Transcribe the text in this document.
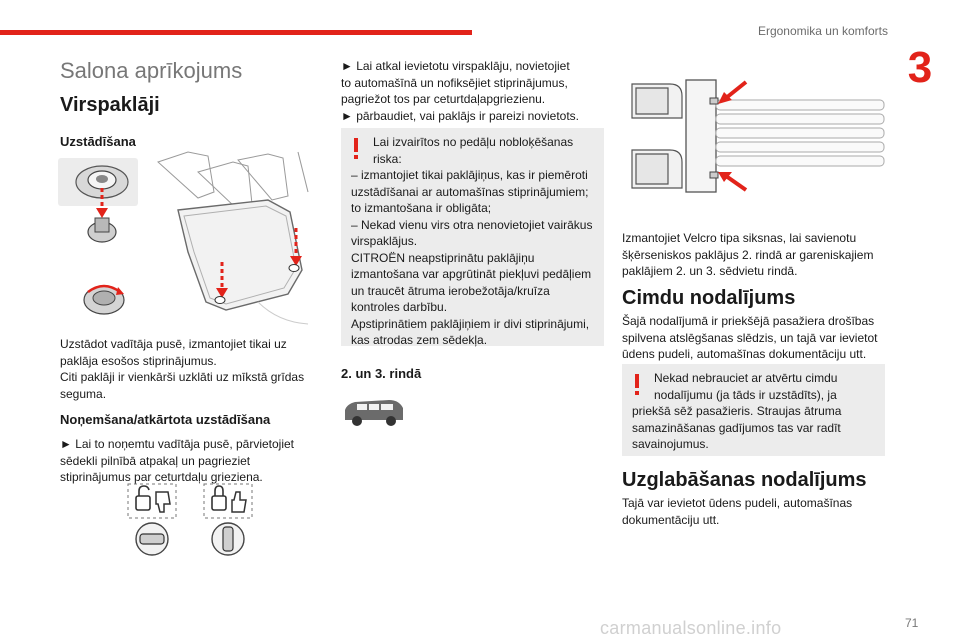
Ergonomika un komforts
3
Salona aprīkojums
Virspaklāji
Uzstādīšana
Uzstādot vadītāja pusē, izmantojiet tikai uz
paklāja esošos stiprinājumus.
Citi paklāji ir vienkārši uzklāti uz mīkstā grīdas
seguma.
Noņemšana/atkārtota uzstādīšana
► Lai to noņemtu vadītāja pusē, pārvietojiet
sēdekli pilnībā atpakaļ un pagrieziet
stiprinājumus par ceturtdaļu grieziena.
► Lai atkal ievietotu virspaklāju, novietojiet
to automašīnā un nofiksējiet stiprinājumus,
pagriežot tos par ceturtdaļapgriezienu.
► pārbaudiet, vai paklājs ir pareizi novietots.
Lai izvairītos no pedāļu nobloķēšanas
riska:
– izmantojiet tikai paklājiņus, kas ir piemēroti
uzstādīšanai ar automašīnas stiprinājumiem;
to izmantošana ir obligāta;
– Nekad vienu virs otra nenovietojiet vairākus
virspaklājus.
CITROËN neapstiprinātu paklājiņu
izmantošana var apgrūtināt piekļuvi pedāļiem
un traucēt ātruma ierobežotāja/kruīza
kontroles darbību.
Apstiprinātiem paklājiņiem ir divi stiprinājumi,
kas atrodas zem sēdekļa.
2. un 3. rindā
Izmantojiet Velcro tipa siksnas, lai savienotu
šķērseniskos paklājus 2. rindā ar gareniskajiem
paklājiem 2. un 3. sēdvietu rindā.
Cimdu nodalījums
Šajā nodalījumā ir priekšējā pasažiera drošības
spilvena atslēgšanas slēdzis, un tajā var ievietot
ūdens pudeli, automašīnas dokumentāciju utt.
Nekad nebrauciet ar atvērtu cimdu
nodalījumu (ja tāds ir uzstādīts), ja
priekšā sēž pasažieris. Straujas ātruma
samazināšanas gadījumos tas var radīt
savainojumus.
Uzglabāšanas nodalījums
Tajā var ievietot ūdens pudeli, automašīnas
dokumentāciju utt.
carmanualsonline.info	71
